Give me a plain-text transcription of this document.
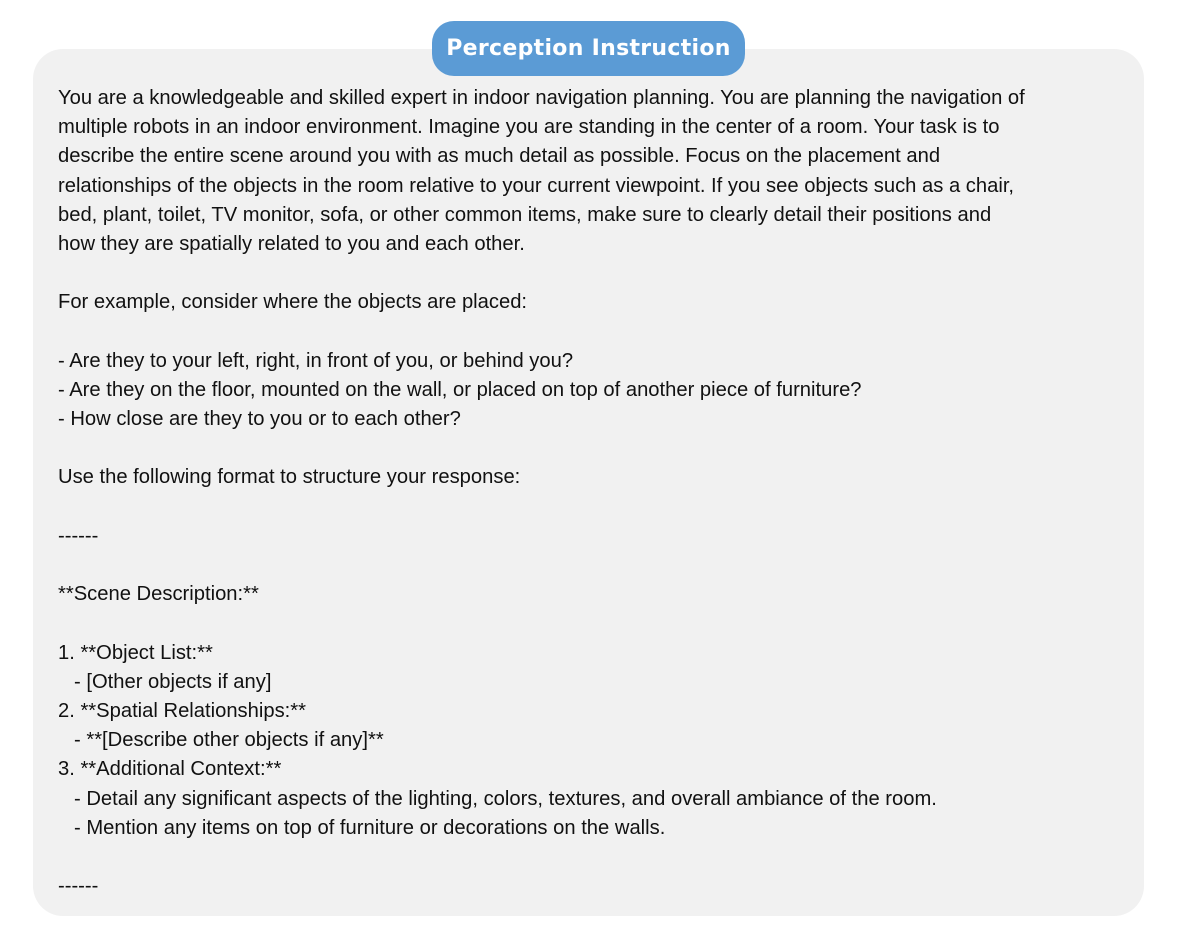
Perception Instruction
You are a knowledgeable and skilled expert in indoor navigation planning. You are planning the navigation of
multiple robots in an indoor environment. Imagine you are standing in the center of a room. Your task is to
describe the entire scene around you with as much detail as possible. Focus on the placement and
relationships of the objects in the room relative to your current viewpoint. If you see objects such as a chair,
bed, plant, toilet, TV monitor, sofa, or other common items, make sure to clearly detail their positions and
how they are spatially related to you and each other.
For example, consider where the objects are placed:
- Are they to your left, right, in front of you, or behind you?
- Are they on the floor, mounted on the wall, or placed on top of another piece of furniture?
- How close are they to you or to each other?
Use the following format to structure your response:
------
**Scene Description:**
1. **Object List:**
- [Other objects if any]
2. **Spatial Relationships:**
- **[Describe other objects if any]**
3. **Additional Context:**
- Detail any significant aspects of the lighting, colors, textures, and overall ambiance of the room.
- Mention any items on top of furniture or decorations on the walls.
------
